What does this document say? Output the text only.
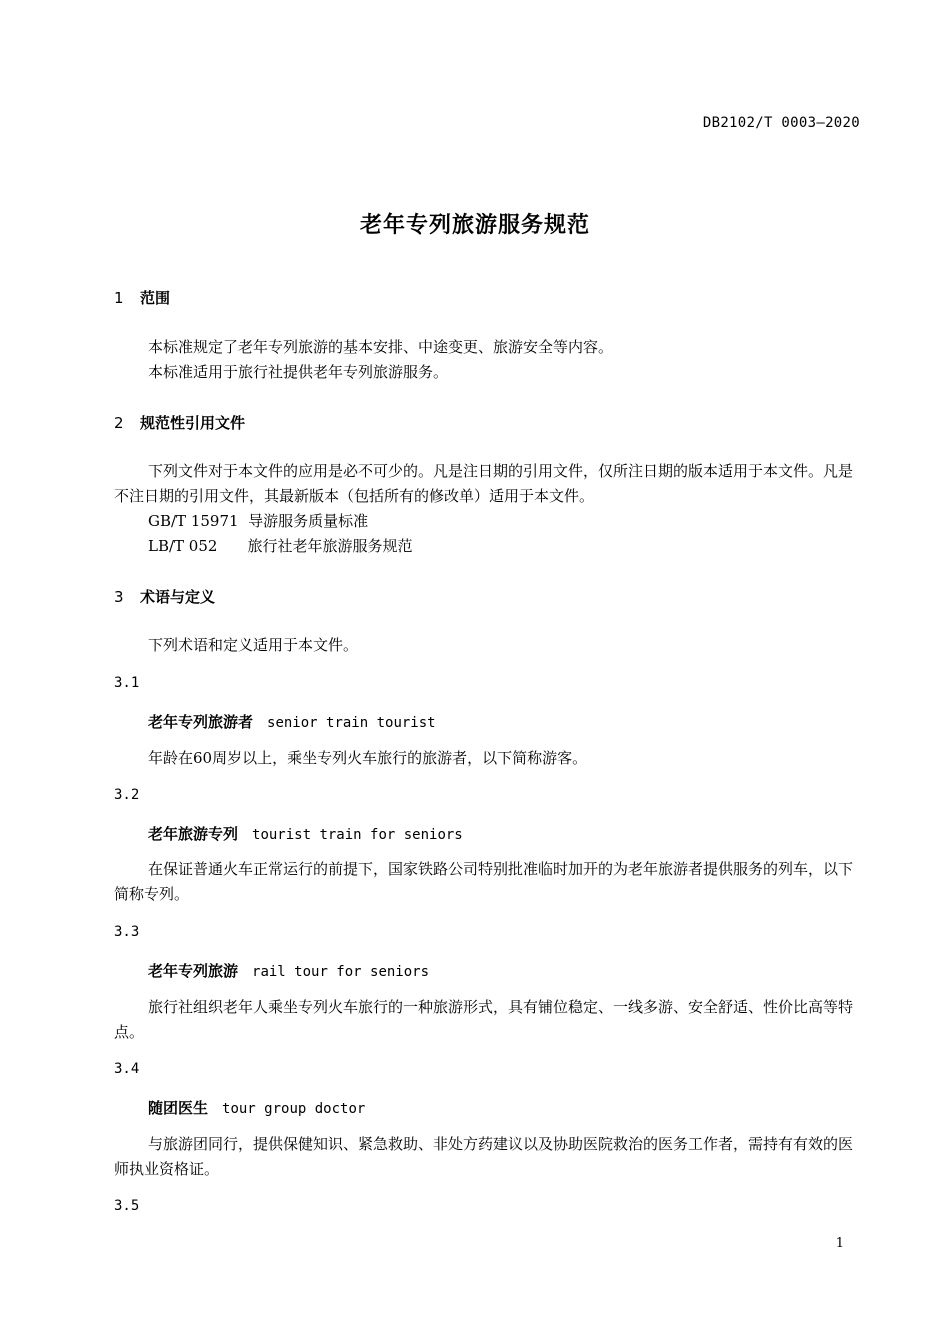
DB2102/T 0003—2020
老年专列旅游服务规范
1 范围
本标准规定了老年专列旅游的基本安排、中途变更、旅游安全等内容。
本标准适用于旅行社提供老年专列旅游服务。
2 规范性引用文件
下列文件对于本文件的应用是必不可少的。凡是注日期的引用文件，仅所注日期的版本适用于本文件。凡是不注日期的引用文件，其最新版本（包括所有的修改单）适用于本文件。
GB/T 15971 导游服务质量标准
LB/T 052 旅行社老年旅游服务规范
3 术语与定义
下列术语和定义适用于本文件。
3.1
老年专列旅游者 senior train tourist
年龄在60周岁以上，乘坐专列火车旅行的旅游者，以下简称游客。
3.2
老年旅游专列 tourist train for seniors
在保证普通火车正常运行的前提下，国家铁路公司特别批准临时加开的为老年旅游者提供服务的列车，以下简称专列。
3.3
老年专列旅游 rail tour for seniors
旅行社组织老年人乘坐专列火车旅行的一种旅游形式，具有铺位稳定、一线多游、安全舒适、性价比高等特点。
3.4
随团医生 tour group doctor
与旅游团同行，提供保健知识、紧急救助、非处方药建议以及协助医院救治的医务工作者，需持有有效的医师执业资格证。
3.5
1
